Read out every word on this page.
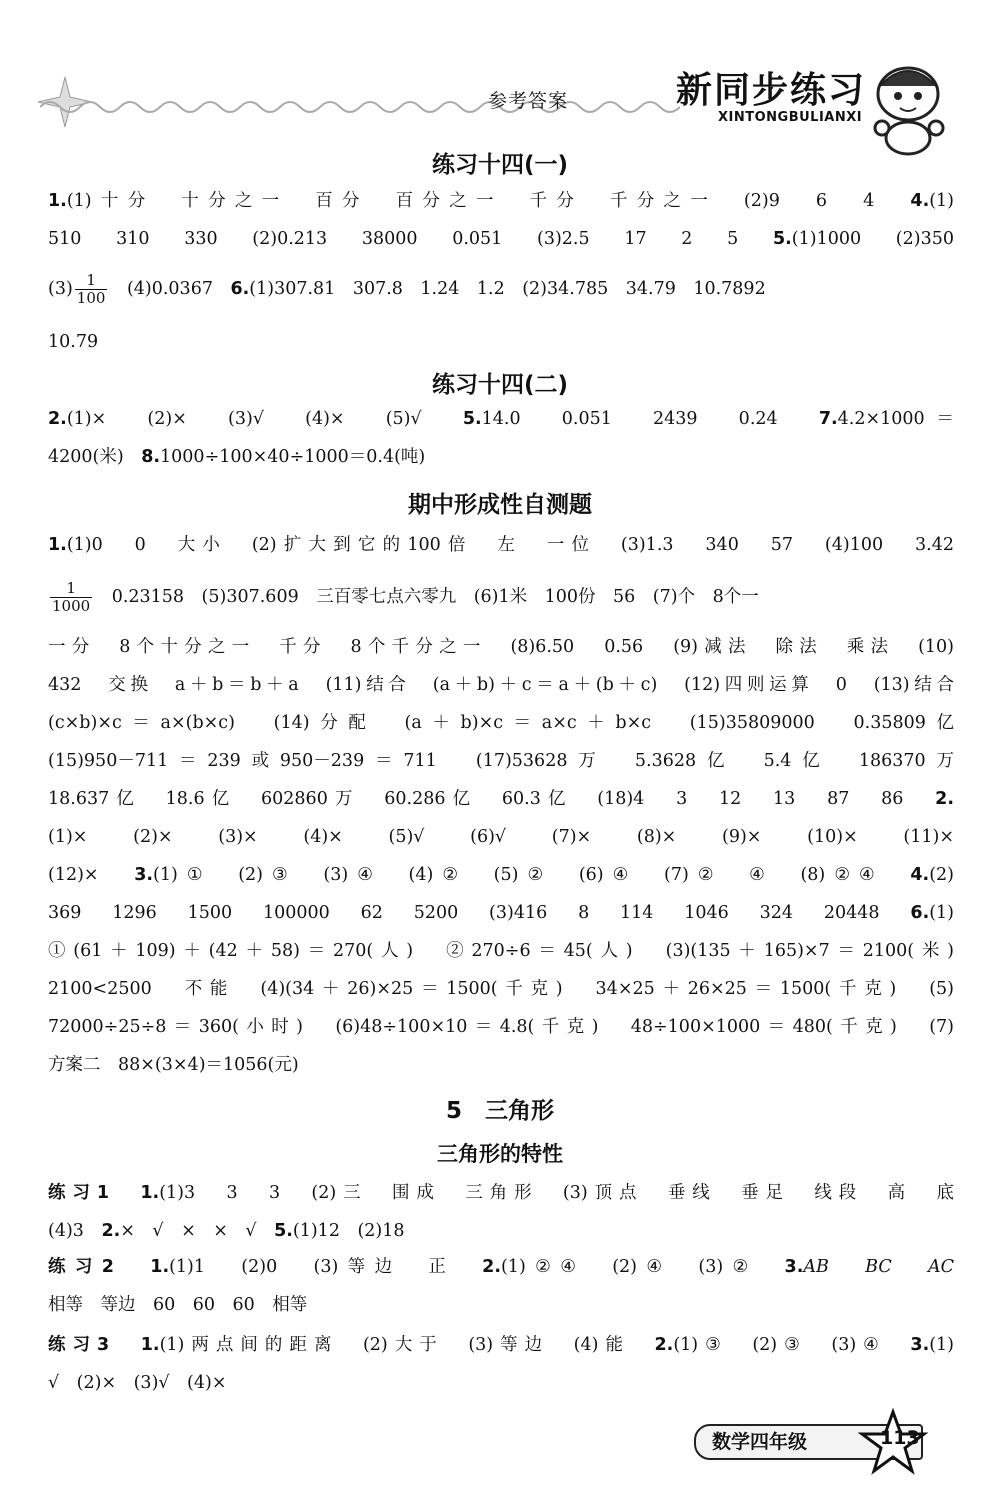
参考答案	新同步练习
XINTONGBULIANXI
练习十四(一)
1.(1)十分　十分之一　百分　百分之一　千分　千分之一　(2)9　6　4　 4.(1)
510　310　330　(2)0.213　38000　0.051　(3)2.5　17　2　5　 5.(1)1000　(2)350
$(3) \frac{1}{100}$
　 (4)0.0367　 6.(1)307.81　307.8　1.24　1.2　(2)34.785　34.79　10.7892
10.79
练习十四(二)
2.(1)×　(2)×　(3)√　(4)×　(5)√　 5.14.0　0.051　2439　0.24　 7.4.2×1000＝
4200(米)　 8.1000÷100×40÷1000＝0.4(吨)
期中形成性自测题
1.(1)0　0　大小　(2)扩大到它的100倍　左　一位　(3)1.3　340　57　(4)100　3.42
$\frac{1}{1000}$
　 0.23158　(5)307.609　三百零七点六零九　(6)1米　100份　56　(7)个　8个一
一分　8个十分之一　千分　8个千分之一　(8)6.50　0.56　(9)减法　除法　乘法　(10)
432　交换　a＋b＝b＋a　(11)结合　(a＋b)＋c＝a＋(b＋c)　(12)四则运算　0　(13)结合
(c×b)×c＝a×(b×c)　(14)分配　(a＋b)×c＝a×c＋b×c　(15)35809000　0.35809亿
(15)950－711＝239或950－239＝711　(17)53628万　5.3628亿　5.4亿　186370万
18.637亿　18.6亿　602860万　60.286亿　60.3亿　(18)4　3　12　13　87　86　 2.
(1)×　(2)×　(3)×　(4)×　(5)√　(6)√　(7)×　(8)×　(9)×　(10)×　(11)×
(12)×　 3.(1)①　(2)③　(3)④　(4)②　(5)②　(6)④　(7)②　④　(8)②④　 4.(2)
369　1296　1500　100000　62　5200　(3)416　8　114　1046　324　20448　 6.(1)
①(61＋109)＋(42＋58)＝270(人)　②270÷6＝45(人)　(3)(135＋165)×7＝2100(米)
2100<2500　不能　(4)(34＋26)×25＝1500(千克)　34×25＋26×25＝1500(千克)　(5)
72000÷25÷8＝360(小时)　(6)48÷100×10＝4.8(千克)　48÷100×1000＝480(千克)　(7)
方案二　88×(3×4)＝1056(元)
5　三角形
三角形的特性
练习1　 1.(1)3　3　3　(2)三　围成　三角形　(3)顶点　垂线　垂足　线段　高　底
(4)3　 2.×　√　×　×　√　 5.(1)12　(2)18
练习2　 1.(1)1　(2)0　(3)等边　正　 2.(1)②④　(2)④　(3)②　 3.AB　BC　AC
相等　等边　60　60　60　相等
练习3　 1.(1)两点间的距离　(2)大于　(3)等边　(4)能　 2.(1)③　(2)③　(3)④　 3.(1)
√　(2)×　(3)√　(4)×
数学四年级	113
